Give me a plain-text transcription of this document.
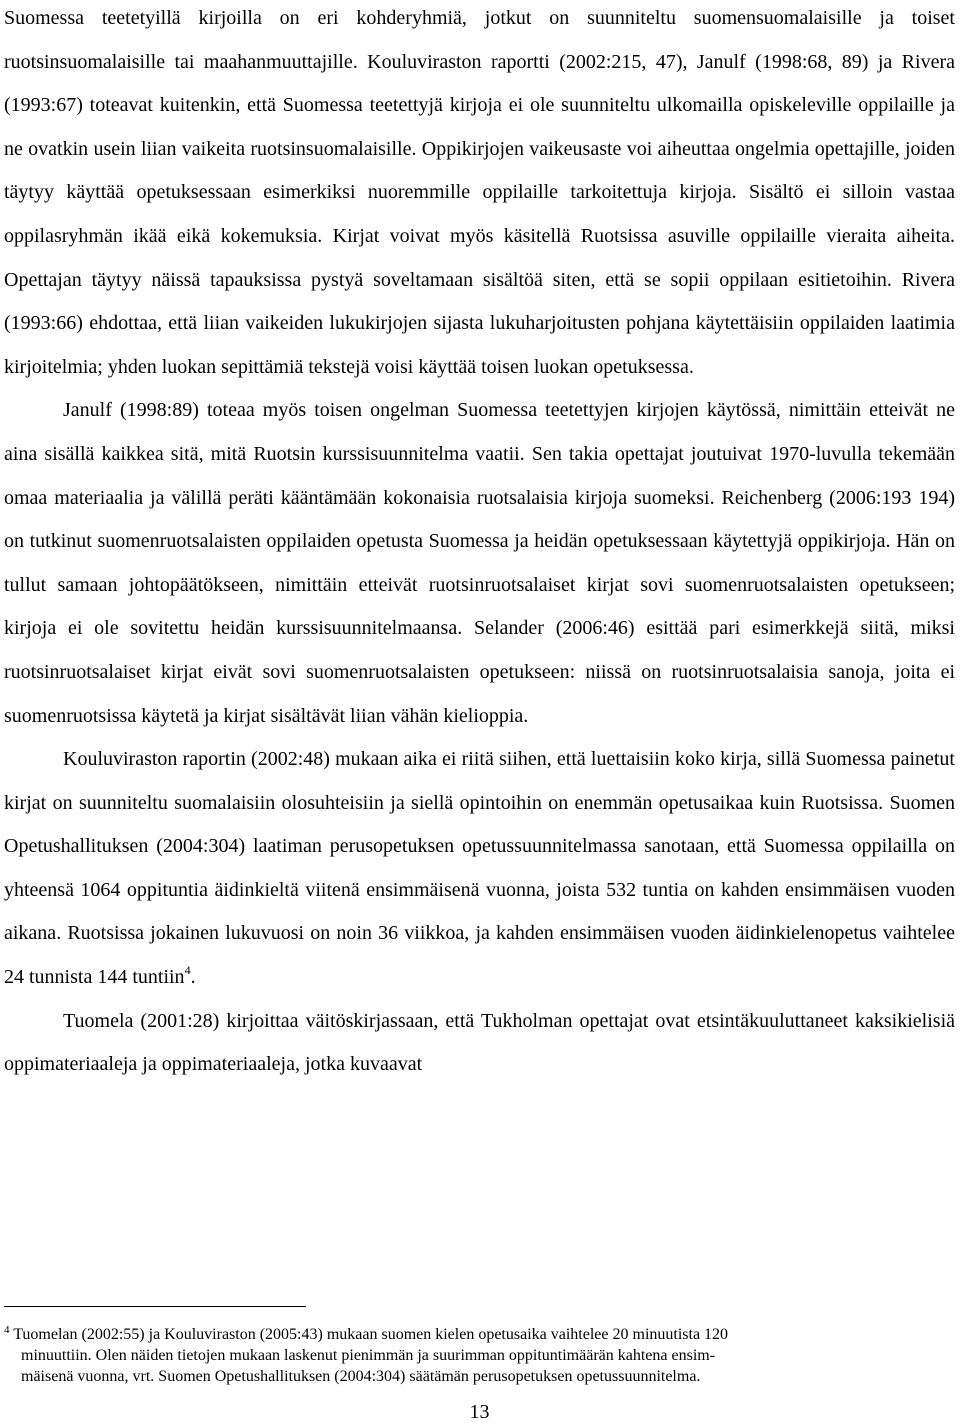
Suomessa teetetyillä kirjoilla on eri kohderyhmiä, jotkut on suunniteltu suomensuomalaisille ja toiset ruotsinsuomalaisille tai maahanmuuttajille. Kouluviraston raportti (2002:215, 47), Janulf (1998:68, 89) ja Rivera (1993:67) toteavat kuitenkin, että Suomessa teetettyjä kirjoja ei ole suunniteltu ulkomailla opiskeleville oppilaille ja ne ovatkin usein liian vaikeita ruotsinsuomalaisille. Oppikirjojen vaikeusaste voi aiheuttaa ongelmia opettajille, joiden täytyy käyttää opetuksessaan esimerkiksi nuoremmille oppilaille tarkoitettuja kirjoja. Sisältö ei silloin vastaa oppilasryhmän ikää eikä kokemuksia. Kirjat voivat myös käsitellä Ruotsissa asuville oppilaille vieraita aiheita. Opettajan täytyy näissä tapauksissa pystyä soveltamaan sisältöä siten, että se sopii oppilaan esitietoihin. Rivera (1993:66) ehdottaa, että liian vaikeiden lukukirjojen sijasta lukuharjoitusten pohjana käytettäisiin oppilaiden laatimia kirjoitelmia; yhden luokan sepittämiä tekstejä voisi käyttää toisen luokan opetuksessa.

Janulf (1998:89) toteaa myös toisen ongelman Suomessa teetettyjen kirjojen käytössä, nimittäin etteivät ne aina sisällä kaikkea sitä, mitä Ruotsin kurssisuunnitelma vaatii. Sen takia opettajat joutuivat 1970-luvulla tekemään omaa materiaalia ja välillä peräti kääntämään kokonaisia ruotsalaisia kirjoja suomeksi. Reichenberg (2006:193 194) on tutkinut suomenruotsalaisten oppilaiden opetusta Suomessa ja heidän opetuksessaan käytettyjä oppikirjoja. Hän on tullut samaan johtopäätökseen, nimittäin etteivät ruotsinruotsalaiset kirjat sovi suomenruotsalaisten opetukseen; kirjoja ei ole sovitettu heidän kurssisuunnitelmaansa. Selander (2006:46) esittää pari esimerkkejä siitä, miksi ruotsinruotsalaiset kirjat eivät sovi suomenruotsalaisten opetukseen: niissä on ruotsinruotsalaisia sanoja, joita ei suomenruotsissa käytetä ja kirjat sisältävät liian vähän kielioppia.

Kouluviraston raportin (2002:48) mukaan aika ei riitä siihen, että luettaisiin koko kirja, sillä Suomessa painetut kirjat on suunniteltu suomalaisiin olosuhteisiin ja siellä opintoihin on enemmän opetusaikaa kuin Ruotsissa. Suomen Opetushallituksen (2004:304) laatiman perusopetuksen opetussuunnitelmassa sanotaan, että Suomessa oppilailla on yhteensä 1064 oppituntia äidinkieltä viitenä ensimmäisenä vuonna, joista 532 tuntia on kahden ensimmäisen vuoden aikana. Ruotsissa jokainen lukuvuosi on noin 36 viikkoa, ja kahden ensimmäisen vuoden äidinkielenopetus vaihtelee 24 tunnista 144 tuntiin$^4$.

Tuomela (2001:28) kirjoittaa väitöskirjassaan, että Tukholman opettajat ovat etsintäkuuluttaneet kaksikielisiä oppimateriaaleja ja oppimateriaaleja, jotka kuvaavat

$^4$ Tuomelan (2002:55) ja Kouluviraston (2005:43) mukaan suomen kielen opetusaika vaihtelee 20 minuutista 120
minuuttiin. Olen näiden tietojen mukaan laskenut pienimmän ja suurimman oppituntimäärän kahtena ensim-
mäisenä vuonna, vrt. Suomen Opetushallituksen (2004:304) säätämän perusopetuksen opetussuunnitelma.
13
